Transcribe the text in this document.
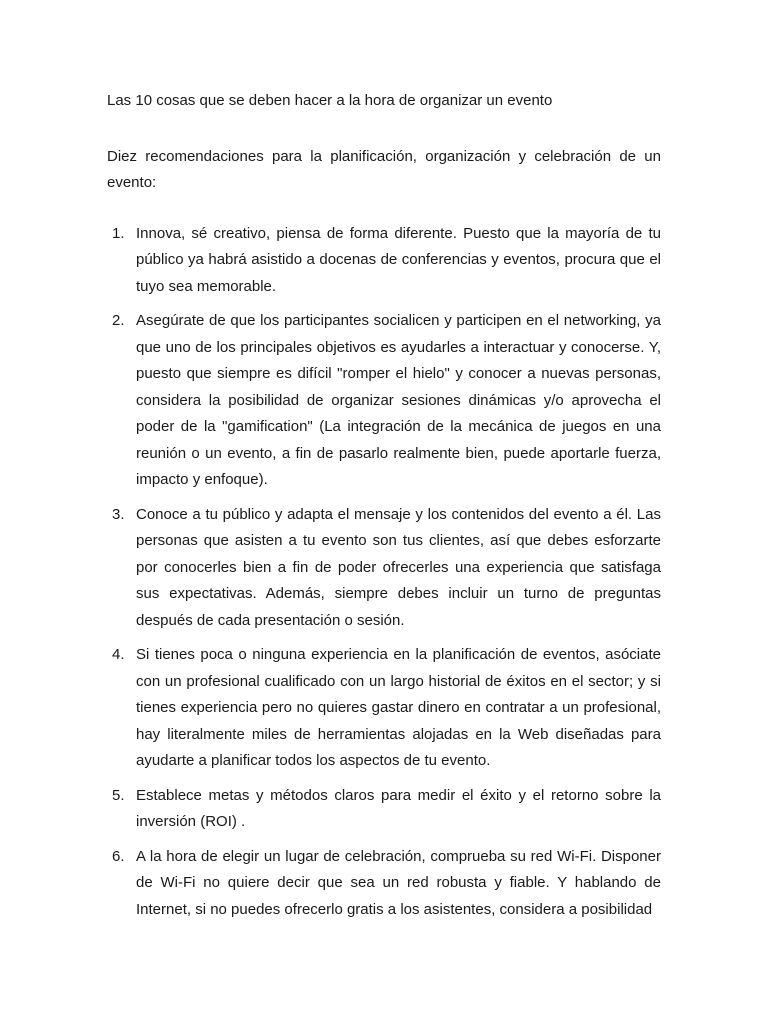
Las 10 cosas que se deben hacer a la hora de organizar un evento

Diez recomendaciones para la planificación, organización y celebración de un evento:

1. Innova, sé creativo, piensa de forma diferente. Puesto que la mayoría de tu público ya habrá asistido a docenas de conferencias y eventos, procura que el tuyo sea memorable.
2. Asegúrate de que los participantes socialicen y participen en el networking, ya que uno de los principales objetivos es ayudarles a interactuar y conocerse. Y, puesto que siempre es difícil "romper el hielo" y conocer a nuevas personas, considera la posibilidad de organizar sesiones dinámicas y/o aprovecha el poder de la "gamification" (La integración de la mecánica de juegos en una reunión o un evento, a fin de pasarlo realmente bien, puede aportarle fuerza, impacto y enfoque).
3. Conoce a tu público y adapta el mensaje y los contenidos del evento a él. Las personas que asisten a tu evento son tus clientes, así que debes esforzarte por conocerles bien a fin de poder ofrecerles una experiencia que satisfaga sus expectativas. Además, siempre debes incluir un turno de preguntas después de cada presentación o sesión.
4. Si tienes poca o ninguna experiencia en la planificación de eventos, asóciate con un profesional cualificado con un largo historial de éxitos en el sector; y si tienes experiencia pero no quieres gastar dinero en contratar a un profesional, hay literalmente miles de herramientas alojadas en la Web diseñadas para ayudarte a planificar todos los aspectos de tu evento.
5. Establece metas y métodos claros para medir el éxito y el retorno sobre la inversión (ROI) .
6. A la hora de elegir un lugar de celebración, comprueba su red Wi-Fi. Disponer de Wi-Fi no quiere decir que sea un red robusta y fiable. Y hablando de Internet, si no puedes ofrecerlo gratis a los asistentes, considera a posibilidad
